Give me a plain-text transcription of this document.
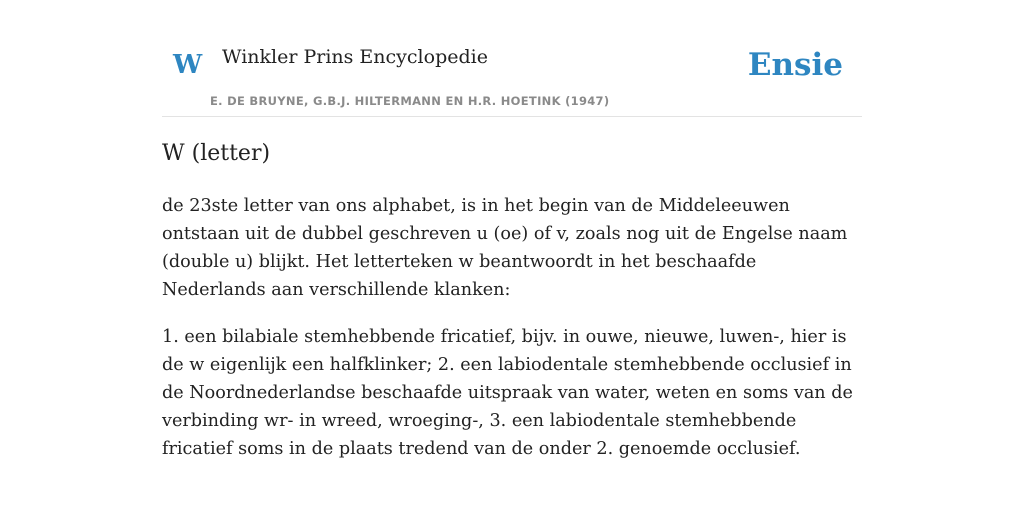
W Winkler Prins Encyclopedie
E. DE BRUYNE, G.B.J. HILTERMANN EN H.R. HOETINK (1947)
Ensie
W (letter)

de 23ste letter van ons alphabet, is in het begin van de Middeleeuwen ontstaan uit de dubbel geschreven u (oe) of v, zoals nog uit de Engelse naam (double u) blijkt. Het letterteken w beantwoordt in het beschaafde Nederlands aan verschillende klanken:

1. een bilabiale stemhebbende fricatief, bijv. in ouwe, nieuwe, luwen-, hier is de w eigenlijk een halfklinker; 2. een labiodentale stemhebbende occlusief in de Noordnederlandse beschaafde uitspraak van water, weten en soms van de verbinding wr- in wreed, wroeging-, 3. een labiodentale stemhebbende fricatief soms in de plaats tredend van de onder 2. genoemde occlusief.
